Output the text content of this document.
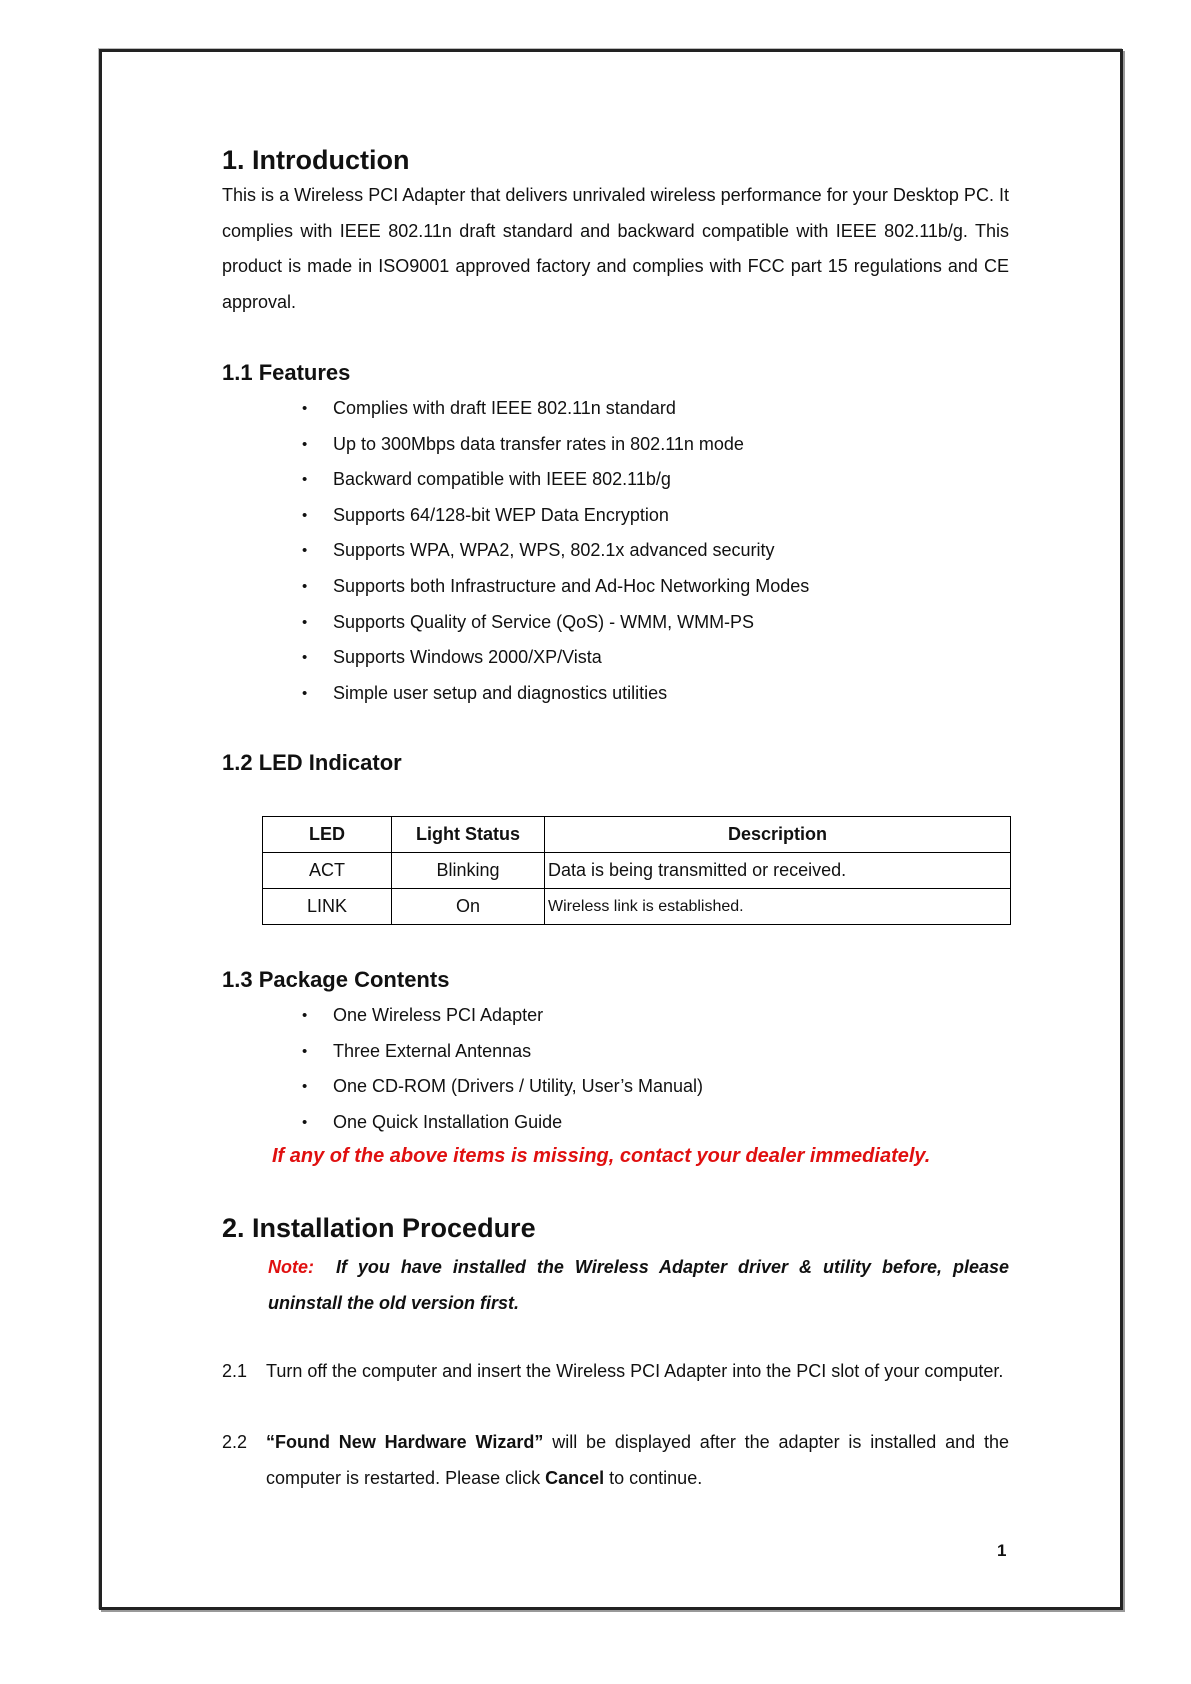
1. Introduction

This is a Wireless PCI Adapter that delivers unrivaled wireless performance for your Desktop PC. It complies with IEEE 802.11n draft standard and backward compatible with IEEE 802.11b/g. This product is made in ISO9001 approved factory and complies with FCC part 15 regulations and CE approval.

1.1 Features
• Complies with draft IEEE 802.11n standard
• Up to 300Mbps data transfer rates in 802.11n mode
• Backward compatible with IEEE 802.11b/g
• Supports 64/128-bit WEP Data Encryption
• Supports WPA, WPA2, WPS, 802.1x advanced security
• Supports both Infrastructure and Ad-Hoc Networking Modes
• Supports Quality of Service (QoS) - WMM, WMM-PS
• Supports Windows 2000/XP/Vista
• Simple user setup and diagnostics utilities
1.2 LED Indicator
LED	Light Status	Description
ACT	Blinking	Data is being transmitted or received.
LINK	On	Wireless link is established.
1.3 Package Contents
• One Wireless PCI Adapter
• Three External Antennas
• One CD-ROM (Drivers / Utility, User’s Manual)
• One Quick Installation Guide
If any of the above items is missing, contact your dealer immediately.
2. Installation Procedure

Note: If you have installed the Wireless Adapter driver & utility before, please uninstall the old version first.

2.1 Turn off the computer and insert the Wireless PCI Adapter into the PCI slot of your computer.
2.2 “Found New Hardware Wizard” will be displayed after the adapter is installed and the computer is restarted. Please click Cancel to continue.
1
